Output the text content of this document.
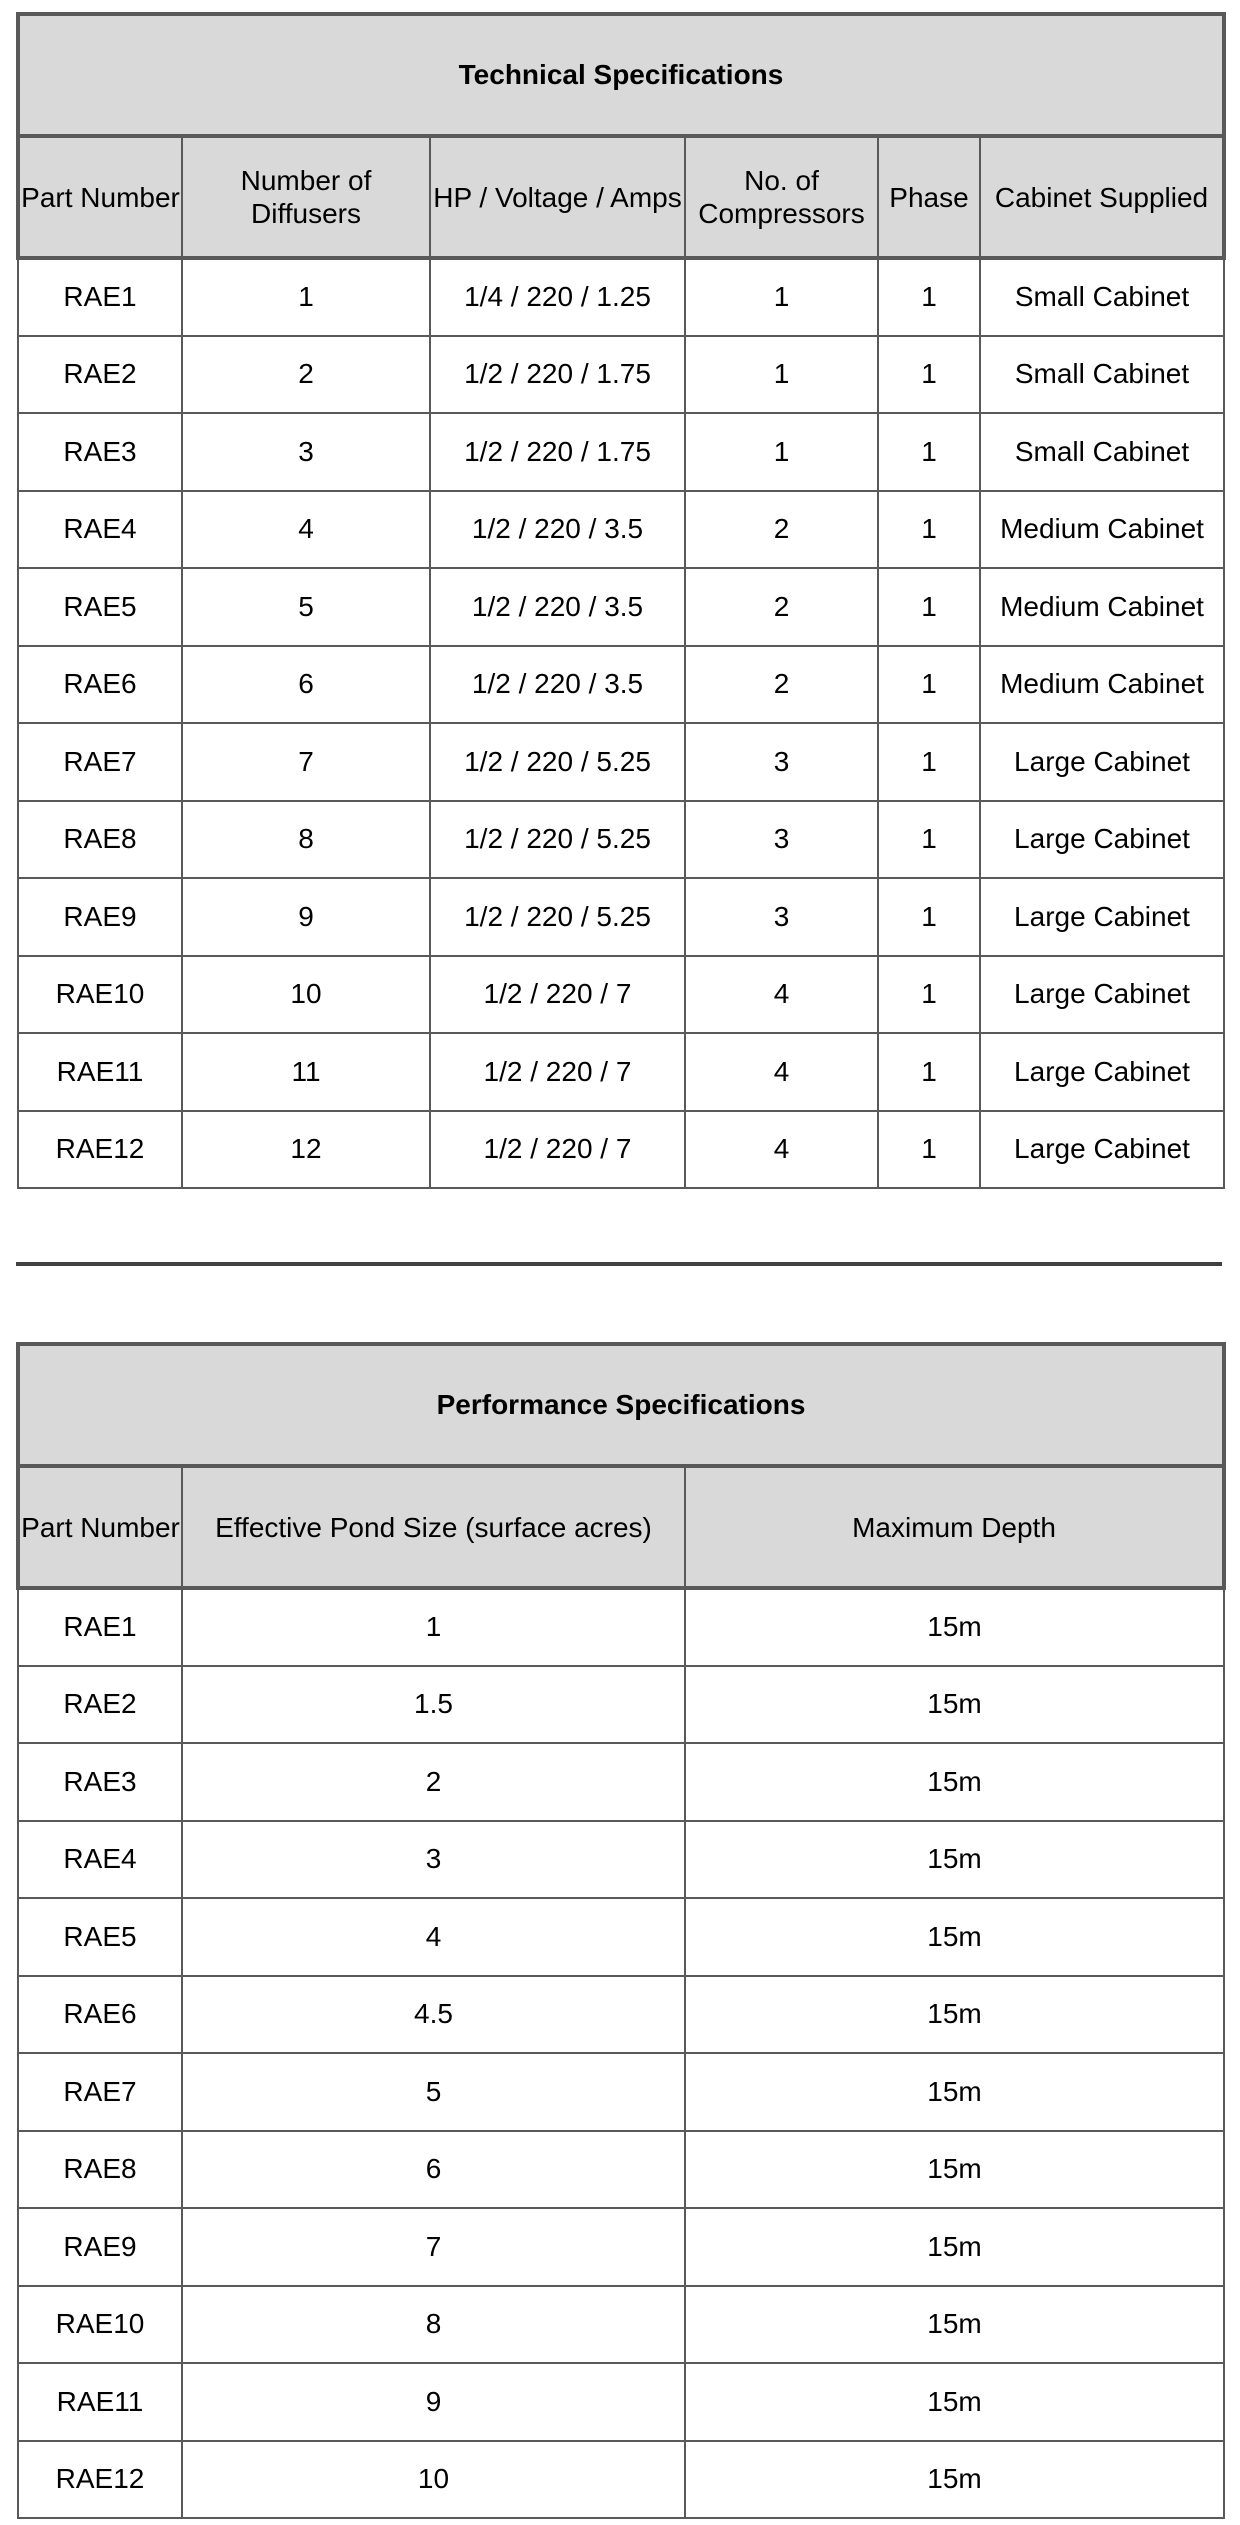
Technical Specifications					
Part Number	Number of Diffusers	HP / Voltage / Amps	No. of Compressors	Phase	Cabinet Supplied
RAE1	1	1/4 / 220 / 1.25	1	1	Small Cabinet
RAE2	2	1/2 / 220 / 1.75	1	1	Small Cabinet
RAE3	3	1/2 / 220 / 1.75	1	1	Small Cabinet
RAE4	4	1/2 / 220 / 3.5	2	1	Medium Cabinet
RAE5	5	1/2 / 220 / 3.5	2	1	Medium Cabinet
RAE6	6	1/2 / 220 / 3.5	2	1	Medium Cabinet
RAE7	7	1/2 / 220 / 5.25	3	1	Large Cabinet
RAE8	8	1/2 / 220 / 5.25	3	1	Large Cabinet
RAE9	9	1/2 / 220 / 5.25	3	1	Large Cabinet
RAE10	10	1/2 / 220 / 7	4	1	Large Cabinet
RAE11	11	1/2 / 220 / 7	4	1	Large Cabinet
RAE12	12	1/2 / 220 / 7	4	1	Large Cabinet
Performance Specifications		
Part Number	Effective Pond Size (surface acres)	Maximum Depth
RAE1	1	15m
RAE2	1.5	15m
RAE3	2	15m
RAE4	3	15m
RAE5	4	15m
RAE6	4.5	15m
RAE7	5	15m
RAE8	6	15m
RAE9	7	15m
RAE10	8	15m
RAE11	9	15m
RAE12	10	15m
